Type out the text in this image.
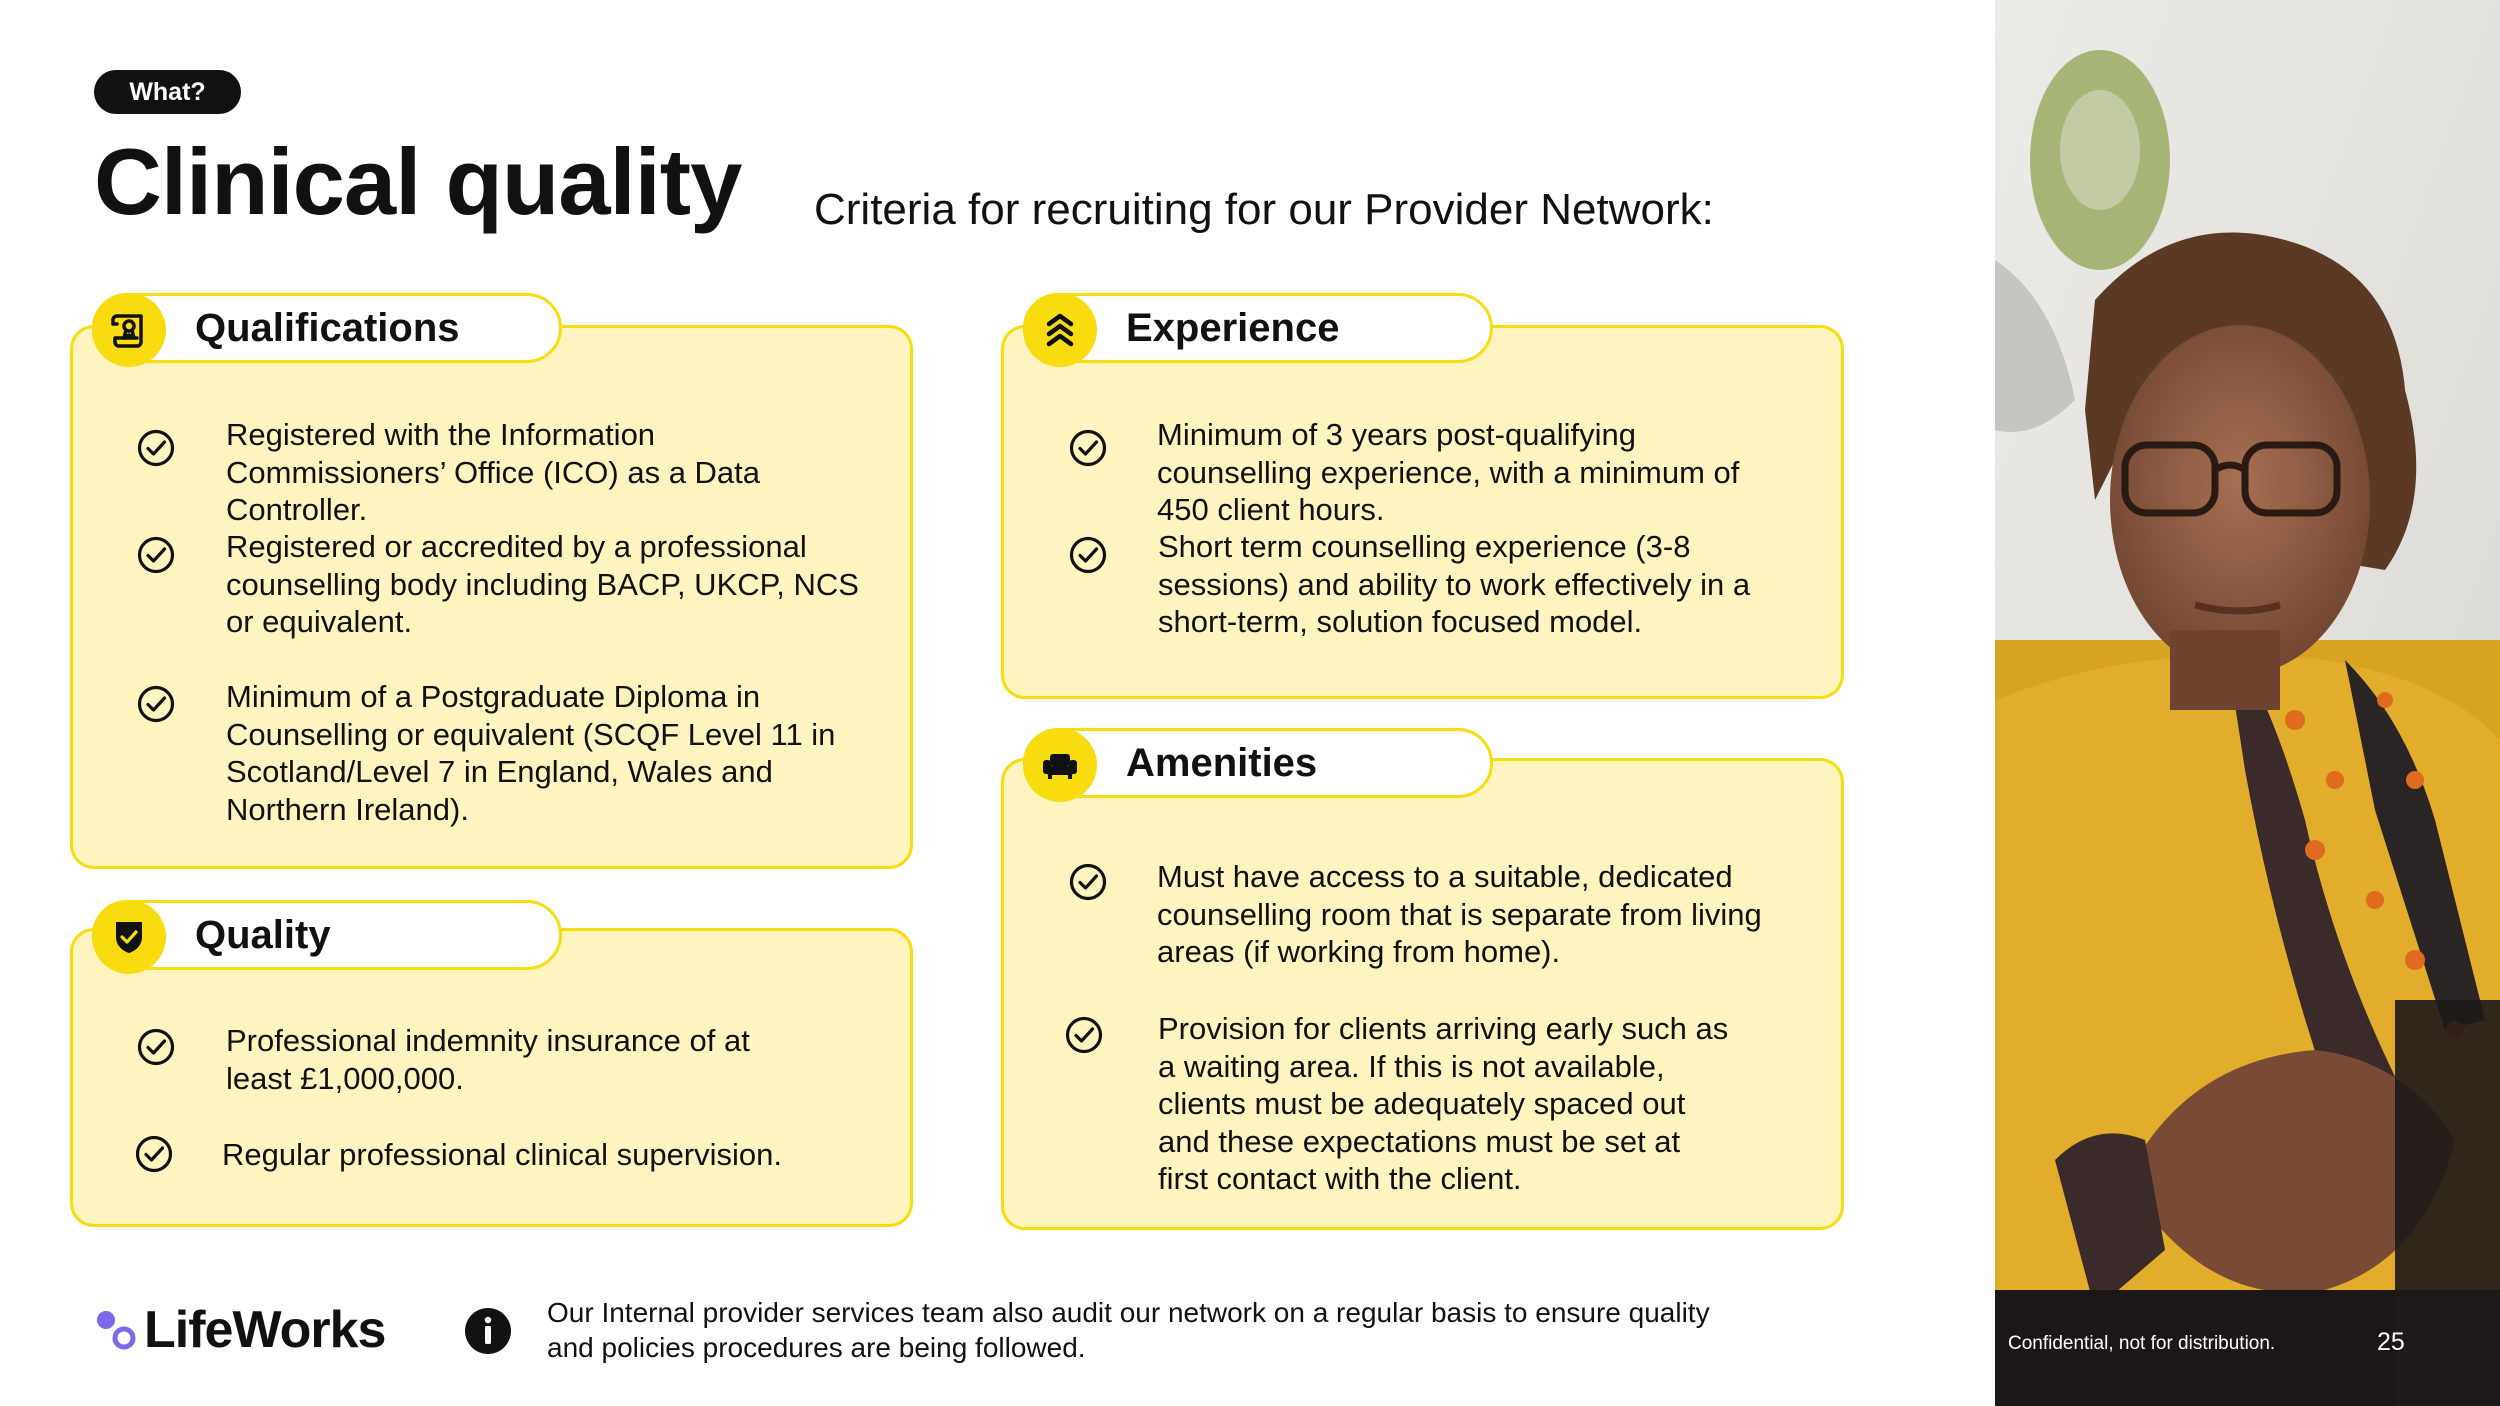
What?
Clinical quality Criteria for recruiting for our Provider Network:
Qualifications
Registered with the Information Commissioners’ Office (ICO) as a Data Controller.
Registered or accredited by a professional counselling body including BACP, UKCP, NCS or equivalent.
Minimum of a Postgraduate Diploma in Counselling or equivalent (SCQF Level 11 in Scotland/Level 7 in England, Wales and Northern Ireland).
Quality
Professional indemnity insurance of at least £1,000,000.
Regular professional clinical supervision.
Experience
Minimum of 3 years post-qualifying counselling experience, with a minimum of 450 client hours.
Short term counselling experience (3-8 sessions) and ability to work effectively in a short-term, solution focused model.
Amenities
Must have access to a suitable, dedicated counselling room that is separate from living areas (if working from home).
Provision for clients arriving early such as a waiting area. If this is not available, clients must be adequately spaced out and these expectations must be set at first contact with the client.
Confidential, not for distribution.	25
LifeWorks	Our Internal provider services team also audit our network on a regular basis to ensure quality and policies procedures are being followed.
